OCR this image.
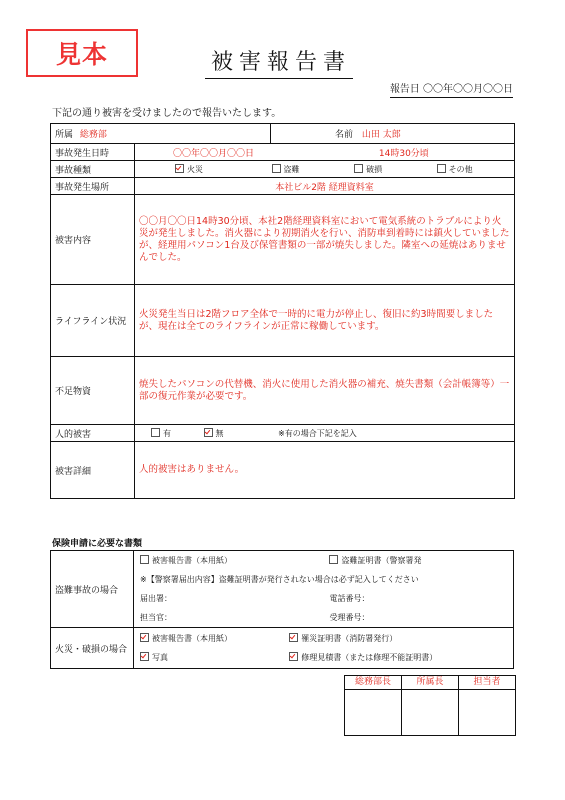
見本	被害報告書
報告日 〇〇年〇〇月〇〇日
下記の通り被害を受けましたので報告いたします。
所属 総務部		名前 山田 太郎
事故発生日時	〇〇年〇〇月〇〇日 14時30分頃	
事故種類	火災 盗難 破損 その他	
事故発生場所	本社ビル2階 経理資料室	
被害内容	〇〇月〇〇日14時30分頃、本社2階経理資料室において電気系統のトラブルにより火災が発生しました。消火器により初期消火を行い、消防車到着時には鎮火していましたが、経理用パソコン1台及び保管書類の一部が焼失しました。隣室への延焼はありませんでした。	

ライフライン状況	火災発生当日は2階フロア全体で一時的に電力が停止し、復旧に約3時間要しましたが、現在は全てのライフラインが正常に稼働しています。	

不足物資	焼失したパソコンの代替機、消火に使用した消火器の補充、焼失書類（会計帳簿等）一部の復元作業が必要です。	

人的被害	有 無 ※有の場合下記を記入	
被害詳細	人的被害はありません。	
保険申請に必要な書類
盗難事故の場合	
被害報告書（本用紙）	盗難証明書（警察署発
※【警察署届出内容】盗難証明書が発行されない場合は必ず記入してください
届出署：	電話番号：
担当官：	受理番号：

火災・破損の場合	
被害報告書（本用紙）	罹災証明書（消防署発行）
写真	修理見積書（または修理不能証明書）
総務部長	所属長	担当者
